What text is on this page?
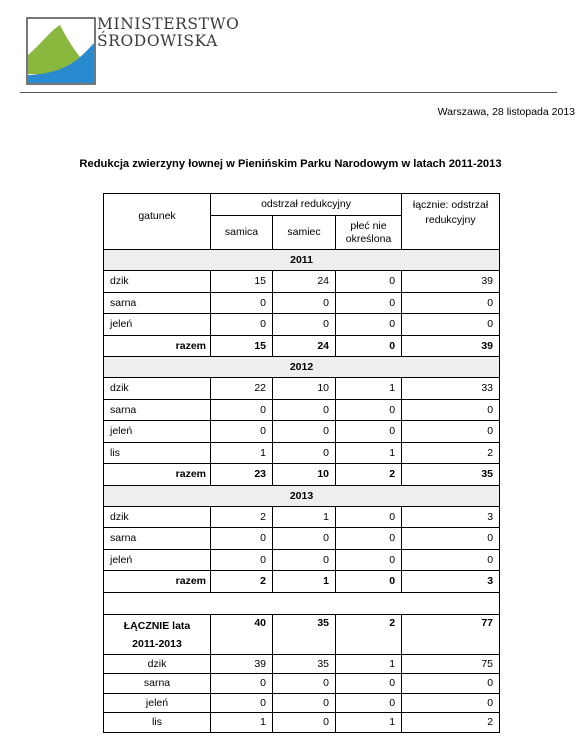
MINISTERSTWO
ŚRODOWISKA
Warszawa, 28 listopada 2013
Redukcja zwierzyny łownej w Pienińskim Parku Narodowym w latach 2011-2013
gatunek	odstrzał redukcyjny			łącznie: odstrzał redukcyjny
	samica	samiec	płeć nie określona	
2011				
dzik	15	24	0	39
sarna	0	0	0	0
jeleń	0	0	0	0
razem	15	24	0	39
2012				
dzik	22	10	1	33
sarna	0	0	0	0
jeleń	0	0	0	0
lis	1	0	1	2
razem	23	10	2	35
2013				
dzik	2	1	0	3
sarna	0	0	0	0
jeleń	0	0	0	0
razem	2	1	0	3

ŁĄCZNIE lata 2011-2013	40	35	2	77
dzik	39	35	1	75
sarna	0	0	0	0
jeleń	0	0	0	0
lis	1	0	1	2
